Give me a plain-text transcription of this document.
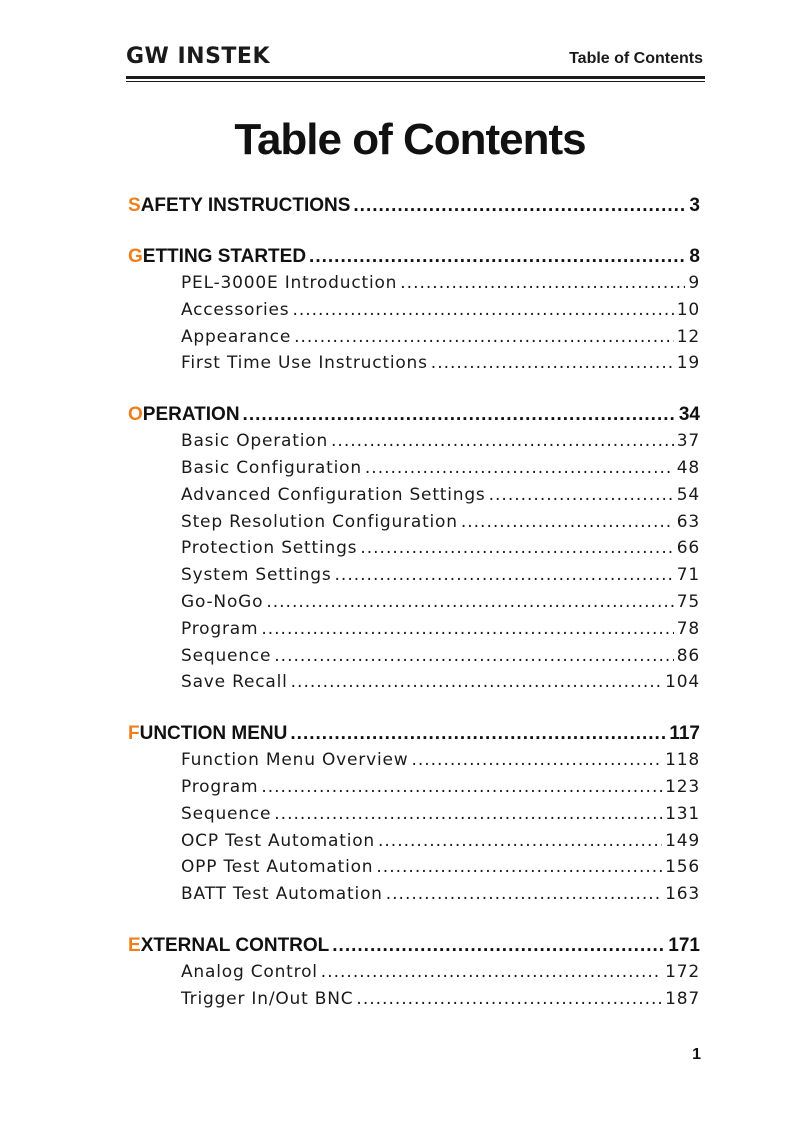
GW INSTEK	Table of Contents
Table of Contents
SAFETY INSTRUCTIONS .....	3
GETTING STARTED .....	8
PEL-3000E Introduction .....	9
Accessories .....	10
Appearance .....	12
First Time Use Instructions .....	19
OPERATION .....	34
Basic Operation .....	37
Basic Configuration .....	48
Advanced Configuration Settings .....	54
Step Resolution Configuration .....	63
Protection Settings .....	66
System Settings .....	71
Go-NoGo .....	75
Program .....	78
Sequence .....	86
Save Recall .....	104
FUNCTION MENU .....	117
Function Menu Overview .....	118
Program .....	123
Sequence .....	131
OCP Test Automation .....	149
OPP Test Automation .....	156
BATT Test Automation .....	163
EXTERNAL CONTROL .....	171
Analog Control .....	172
Trigger In/Out BNC .....	187
1
